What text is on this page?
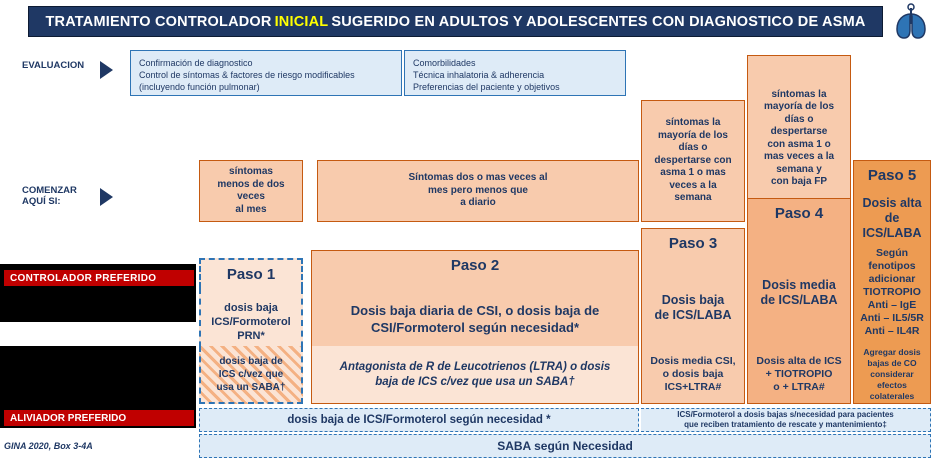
TRATAMIENTO CONTROLADOR INICIAL SUGERIDO EN ADULTOS Y ADOLESCENTES CON DIAGNOSTICO DE ASMA
EVALUACION
COMENZAR
AQUÍ SI:
Confirmación de diagnostico
Control de síntomas & factores de riesgo modificables
(incluyendo función pulmonar)
Comorbilidades
Técnica inhalatoria & adherencia
Preferencias del paciente y objetivos
síntomas
menos de dos
veces
al mes
Síntomas dos o mas veces al
mes pero menos que
a diario
síntomas la
mayoría de los
días o
despertarse con
asma 1 o mas
veces a la
semana
síntomas la
mayoría de los
días o
despertarse
con asma 1 o
mas veces a la
semana y
con baja FP
Paso 1	Paso 2
Paso 3
Paso 4
Paso 5
CONTROLADOR PREFERIDO
dosis baja
ICS/Formoterol
PRN*
Dosis baja diaria de CSI, o dosis baja de
CSI/Formoterol según necesidad*
Dosis baja
de ICS/LABA
Dosis media
de ICS/LABA
Dosis alta
de ICS/LABA
Según
fenotipos
adicionar
TIOTROPIO
Anti – IgE
Anti – IL5/5R
Anti – IL4R
dosis baja de
ICS c/vez que
usa un SABA†
Antagonista de R de Leucotrienos (LTRA) o dosis
baja de ICS c/vez que usa un SABA†
Dosis media CSI,
o dosis baja
ICS+LTRA#
Dosis alta de ICS
+ TIOTROPIO
o + LTRA#
Agregar dosis
bajas de CO
considerar efectos
colaterales
ALIVIADOR PREFERIDO	dosis baja de ICS/Formoterol según necesidad *	ICS/Formoterol a dosis bajas s/necesidad para pacientes
que reciben tratamiento de rescate y mantenimiento‡
SABA según Necesidad
GINA 2020, Box 3-4A
